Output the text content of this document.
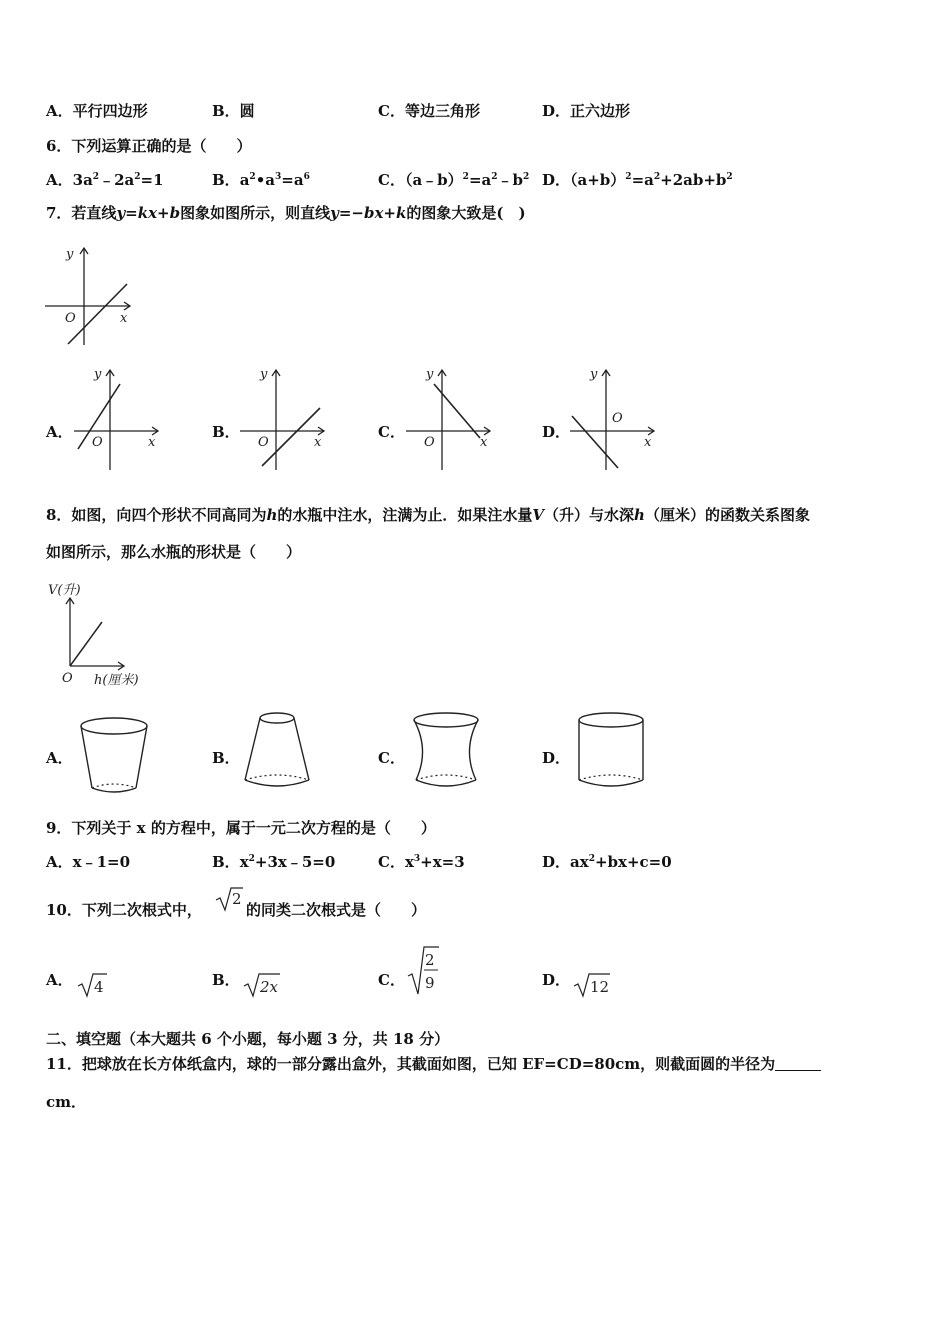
A．平行四边形	B．圆	C．等边三角形	D．正六边形
6．下列运算正确的是（　　）
A．$3a^2﹣2a^2=1$	B．$a^2•a^3=a^6$	C．$(a﹣b)^2=a^2﹣b^2$ D．$(a+b)^2=a^2+2ab+b^2$
7．若直线y=kx+b图象如图所示，则直线y=−bx+k的图象大致是(　)
y
x
O
A．
y
x
O
B．
y
x
O
C．
y
x
O
D．
y
x
O
8．如图，向四个形状不同高同为h的水瓶中注水，注满为止．如果注水量V（升）与水深h（厘米）的函数关系图象
如图所示，那么水瓶的形状是（　　）
V(升)
h(厘米)
O
A．	B．	C．	D．
9．下列关于 x 的方程中，属于一元二次方程的是（　　）
A．x﹣1=0	B．$x^2+3x﹣5=0$	C．$x^3+x=3$	D．$ax^2+bx+c=0$
10．下列二次根式中，
2
的同类二次根式是（　　）
A． 4	B． 2x	C．
2
9	D． 12
二、填空题（本大题共 6 个小题，每小题 3 分，共 18 分）
11．把球放在长方体纸盒内，球的一部分露出盒外，其截面如图，已知 EF=CD=80cm，则截面圆的半径为
cm．
